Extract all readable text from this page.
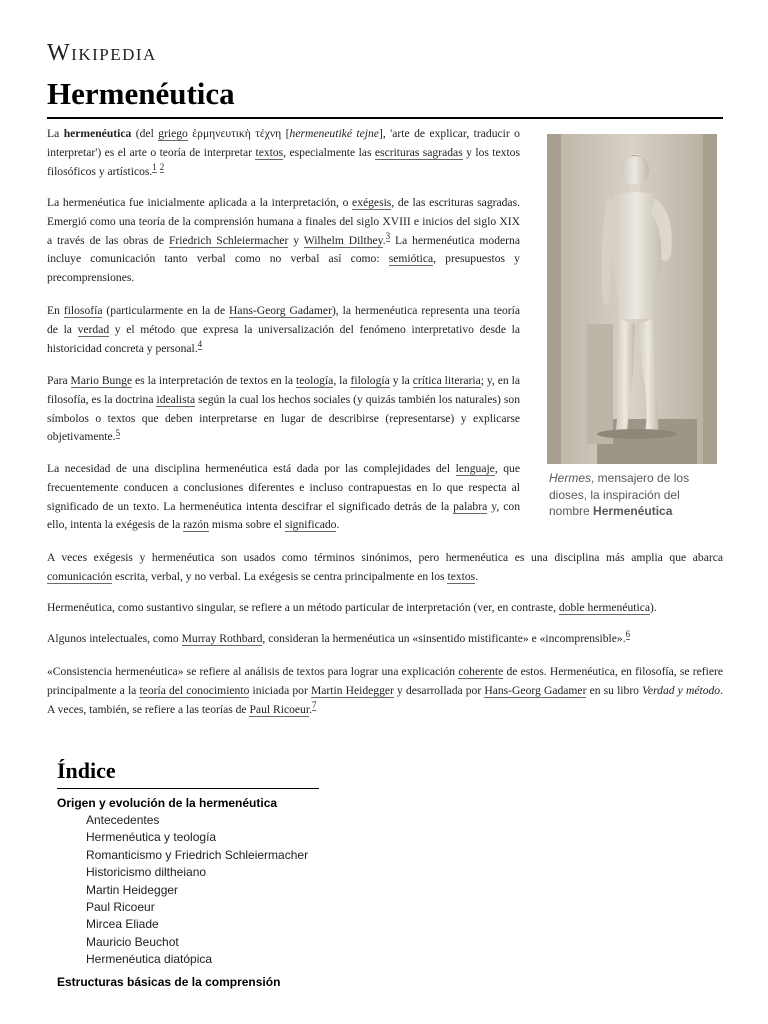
Wikipedia
Hermenéutica
Hermes, mensajero de los dioses, la inspiración del nombre Hermenéutica

La hermenéutica (del griego ἑρμηνευτικὴ τέχνη [hermeneutiké tejne], 'arte de explicar, traducir o interpretar') es el arte o teoría de interpretar textos, especialmente las escrituras sagradas y los textos filosóficos y artísticos.$^1$ $^2$

La hermenéutica fue inicialmente aplicada a la interpretación, o exégesis, de las escrituras sagradas. Emergió como una teoría de la comprensión humana a finales del siglo XVIII e inicios del siglo XIX a través de las obras de Friedrich Schleiermacher y Wilhelm Dilthey.$^3$ La hermenéutica moderna incluye comunicación tanto verbal como no verbal así como: semiótica, presupuestos y precomprensiones.

En filosofía (particularmente en la de Hans-Georg Gadamer), la hermenéutica representa una teoría de la verdad y el método que expresa la universalización del fenómeno interpretativo desde la historicidad concreta y personal.$^4$

Para Mario Bunge es la interpretación de textos en la teología, la filología y la crítica literaria; y, en la filosofía, es la doctrina idealista según la cual los hechos sociales (y quizás también los naturales) son símbolos o textos que deben interpretarse en lugar de describirse (representarse) y explicarse objetivamente.$^5$

La necesidad de una disciplina hermenéutica está dada por las complejidades del lenguaje, que frecuentemente conducen a conclusiones diferentes e incluso contrapuestas en lo que respecta al significado de un texto. La hermenéutica intenta descifrar el significado detrás de la palabra y, con ello, intenta la exégesis de la razón misma sobre el significado.

A veces exégesis y hermenéutica son usados como términos sinónimos, pero hermenéutica es una disciplina más amplia que abarca comunicación escrita, verbal, y no verbal. La exégesis se centra principalmente en los textos.

Hermenéutica, como sustantivo singular, se refiere a un método particular de interpretación (ver, en contraste, doble hermenéutica).

Algunos intelectuales, como Murray Rothbard, consideran la hermenéutica un «sinsentido mistificante» e «incomprensible».$^6$

«Consistencia hermenéutica» se refiere al análisis de textos para lograr una explicación coherente de estos. Hermenéutica, en filosofía, se refiere principalmente a la teoría del conocimiento iniciada por Martin Heidegger y desarrollada por Hans-Georg Gadamer en su libro Verdad y método. A veces, también, se refiere a las teorías de Paul Ricoeur.$^7$

Índice
Origen y evolución de la hermenéutica
Antecedentes
Hermenéutica y teología
Romanticismo y Friedrich Schleiermacher
Historicismo diltheiano
Martin Heidegger
Paul Ricoeur
Mircea Eliade
Mauricio Beuchot
Hermenéutica diatópica
Estructuras básicas de la comprensión
